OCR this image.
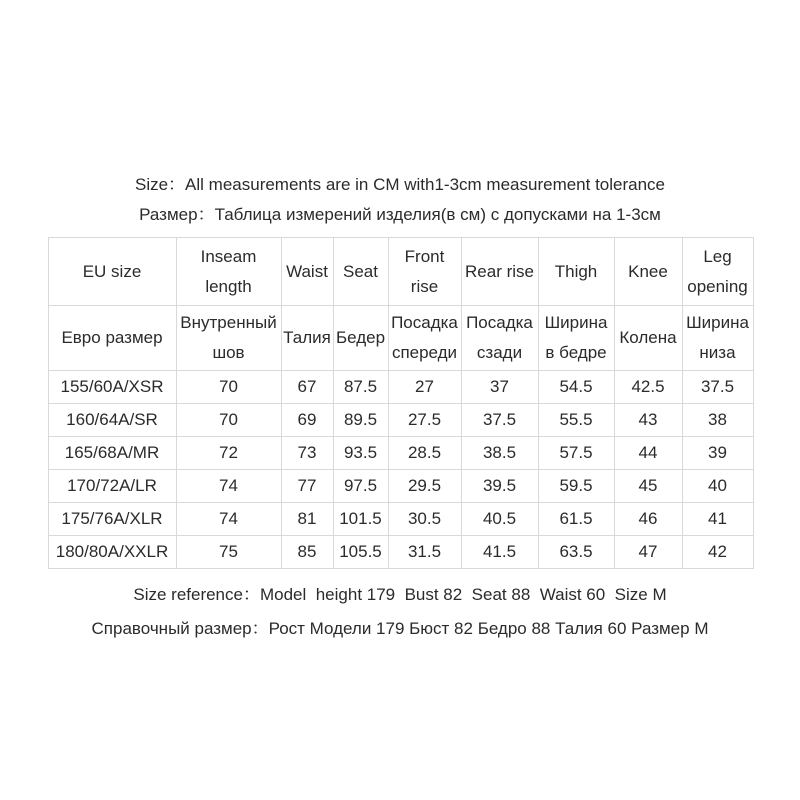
Size：All measurements are in CM with1-3cm measurement tolerance
Размер：Таблица измерений изделия(в см) с допусками на 1-3см
EU size	Inseam length	Waist	Seat	Front rise	Rear rise	Thigh	Knee	Leg opening
Евро размер	Внутренный шов	Талия	Бедер	Посадка спереди	Посадка сзади	Ширина в бедре	Колена	Ширина низа
155/60A/XSR	70	67	87.5	27	37	54.5	42.5	37.5
160/64A/SR	70	69	89.5	27.5	37.5	55.5	43	38
165/68A/MR	72	73	93.5	28.5	38.5	57.5	44	39
170/72A/LR	74	77	97.5	29.5	39.5	59.5	45	40
175/76A/XLR	74	81	101.5	30.5	40.5	61.5	46	41
180/80A/XXLR	75	85	105.5	31.5	41.5	63.5	47	42
Size reference：Model  height 179  Bust 82  Seat 88  Waist 60  Size M
Справочный размер：Рост Модели 179 Бюст 82 Бедро 88 Талия 60 Размер М
